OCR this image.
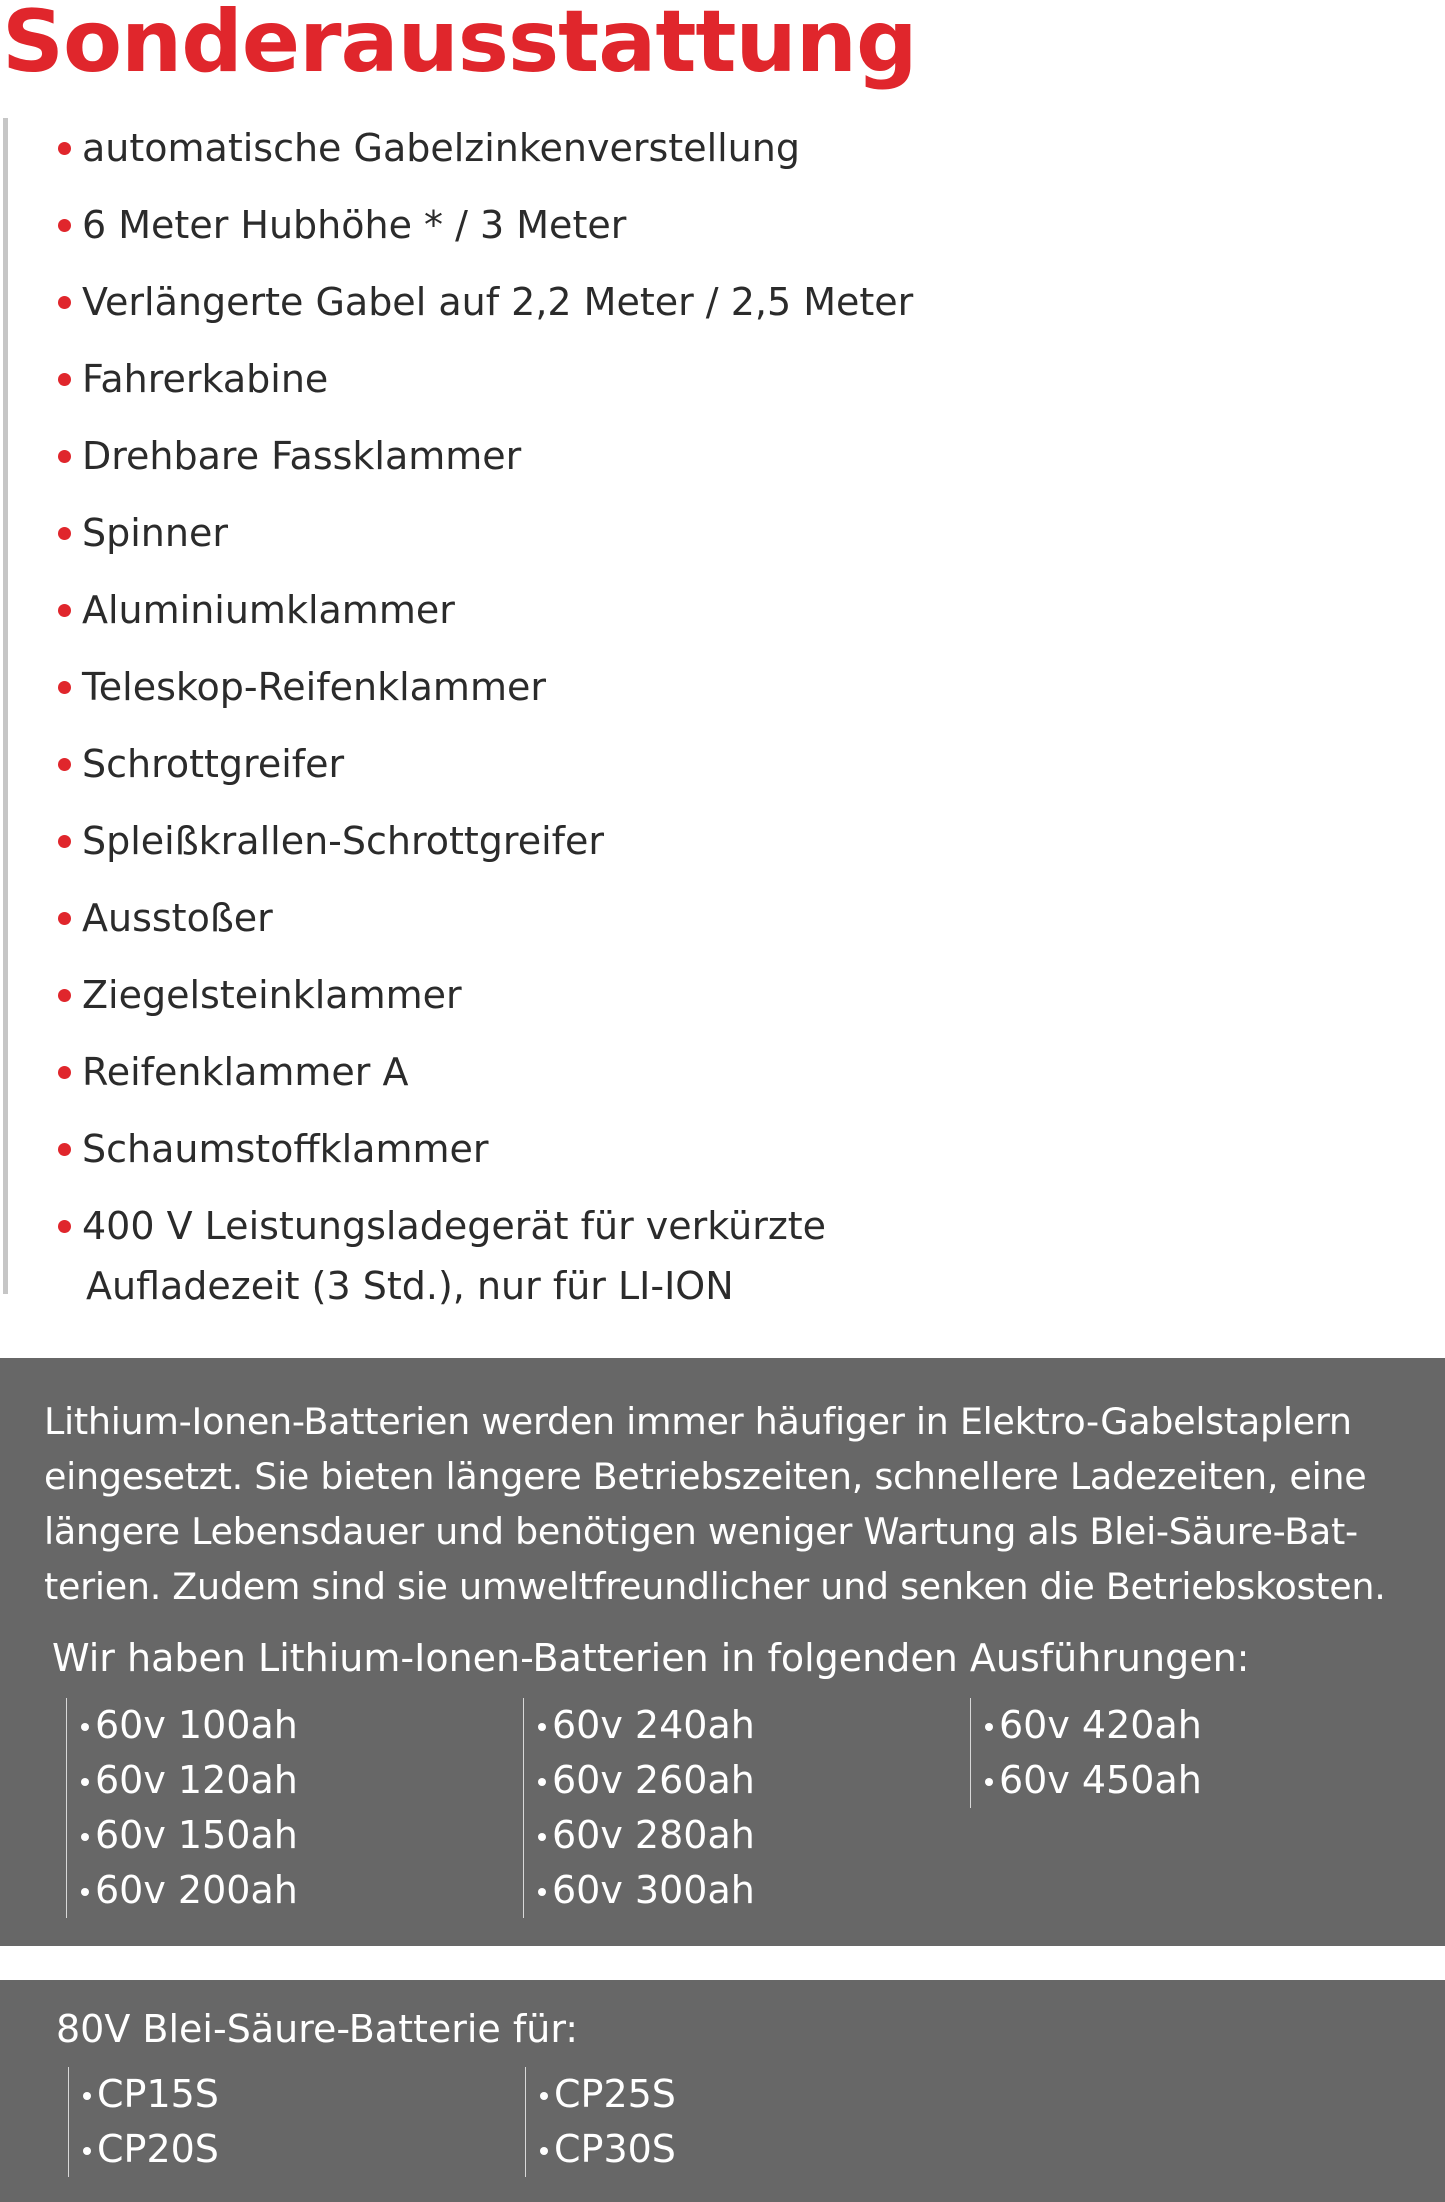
Sonderausstattung
automatische Gabelzinkenverstellung
6 Meter Hubhöhe * / 3 Meter
Verlängerte Gabel auf 2,2 Meter / 2,5 Meter
Fahrerkabine
Drehbare Fassklammer
Spinner
Aluminiumklammer
Teleskop-Reifenklammer
Schrottgreifer
Spleißkrallen-Schrottgreifer
Ausstoßer
Ziegelsteinklammer
Reifenklammer A
Schaumstoffklammer
400 V Leistungsladegerät für verkürzte
Aufladezeit (3 Std.), nur für LI-ION

Lithium-Ionen-Batterien werden immer häufiger in Elektro-Gabelstaplern
eingesetzt. Sie bieten längere Betriebszeiten, schnellere Ladezeiten, eine
längere Lebensdauer und benötigen weniger Wartung als Blei-Säure-Bat-
terien. Zudem sind sie umweltfreundlicher und senken die Betriebskosten.

Wir haben Lithium-Ionen-Batterien in folgenden Ausführungen:
60v 100ah
60v 120ah
60v 150ah
60v 200ah
60v 240ah
60v 260ah
60v 280ah
60v 300ah
60v 420ah
60v 450ah
80V Blei-Säure-Batterie für:
CP15S
CP20S
CP25S
CP30S
